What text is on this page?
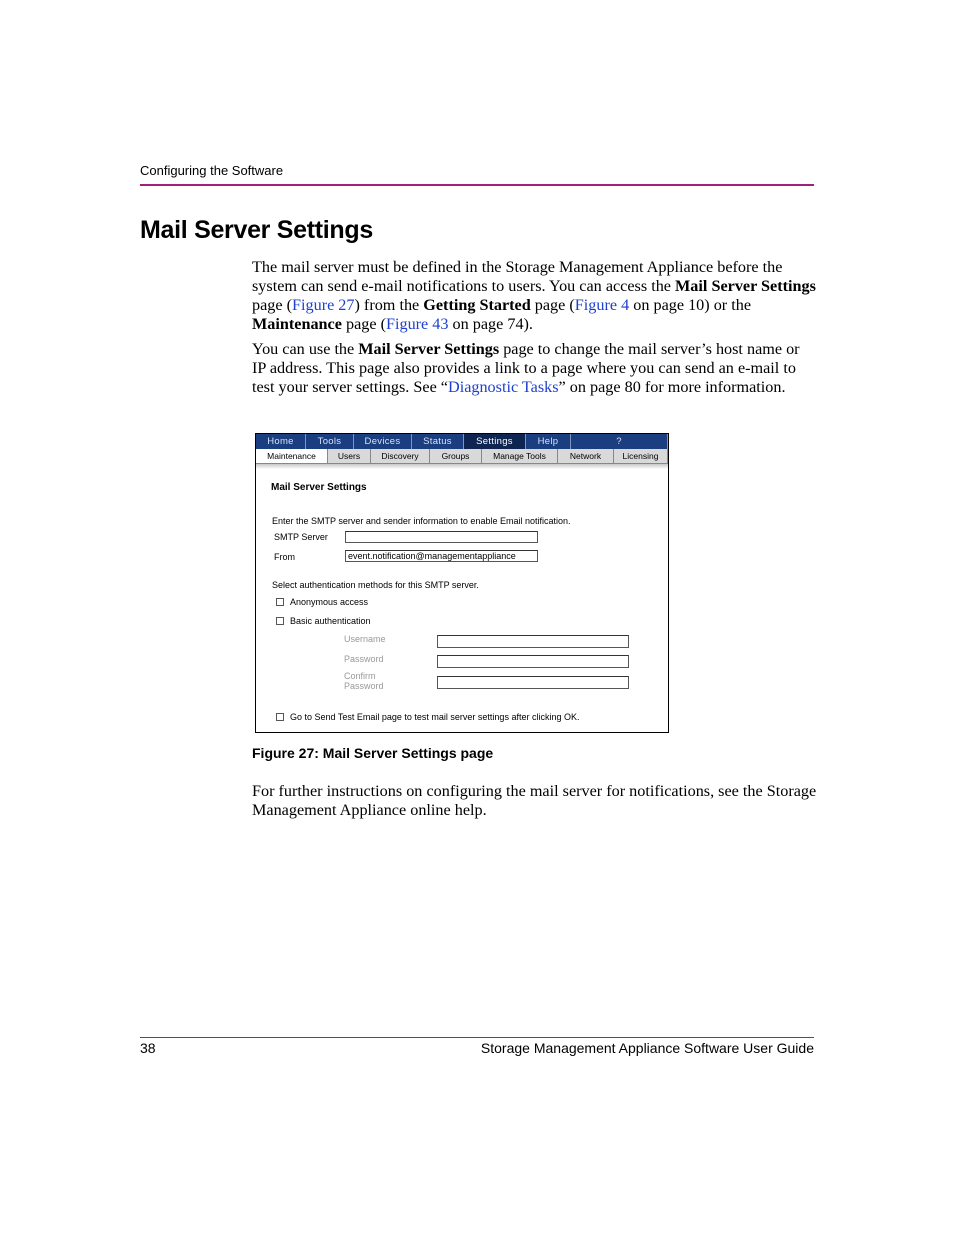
Configuring the Software
Mail Server Settings

The mail server must be defined in the Storage Management Appliance before the system can send e-mail notifications to users. You can access the Mail Server Settings page (Figure 27) from the Getting Started page (Figure 4 on page 10) or the Maintenance page (Figure 43 on page 74).

You can use the Mail Server Settings page to change the mail server’s host name or IP address. This page also provides a link to a page where you can send an e-mail to test your server settings. See “Diagnostic Tasks” on page 80 for more information.

Home	Tools	Devices	Status	Settings	Help	?
Maintenance	Users	Discovery	Groups	Manage Tools	Network	Licensing
Mail Server Settings
Enter the SMTP server and sender information to enable Email notification.
SMTP Server
From	event.notification@managementappliance
Select authentication methods for this SMTP server.
Anonymous access
Basic authentication
Username
Password
Confirm Password
Go to Send Test Email page to test mail server settings after clicking OK.
Figure 27: Mail Server Settings page

For further instructions on configuring the mail server for notifications, see the Storage Management Appliance online help.

38	Storage Management Appliance Software User Guide
